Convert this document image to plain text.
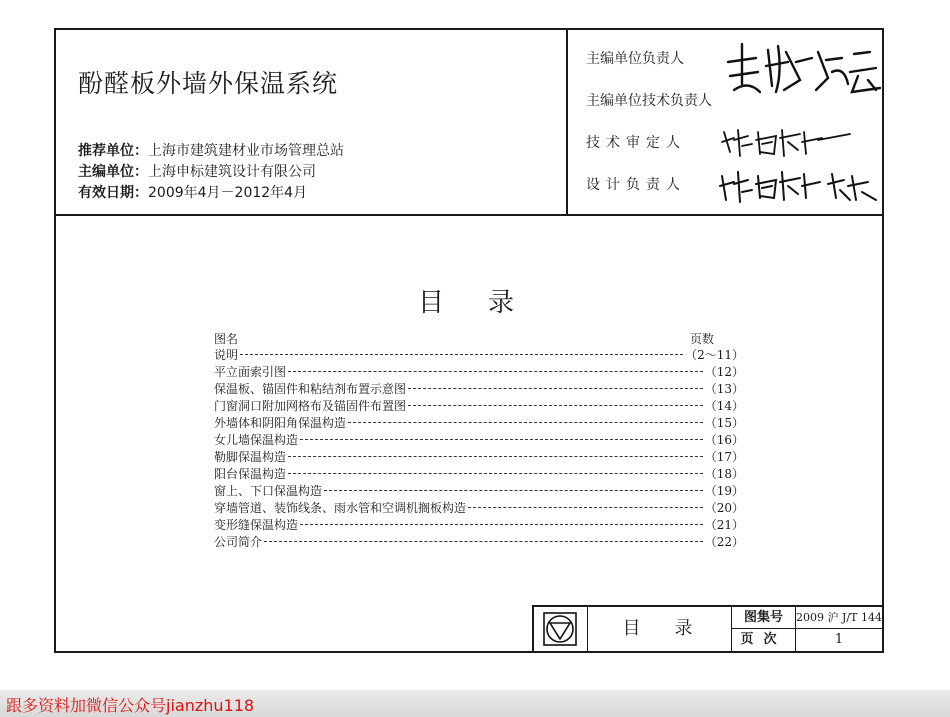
酚醛板外墙外保温系统
推荐单位：上海市建筑建材业市场管理总站
主编单位：上海申标建筑设计有限公司
有效日期：2009年4月－2012年4月
主编单位负责人
主编单位技术负责人
技术审定人
设计负责人
目录
图名	页数
说明	（2～11）
平立面索引图	（12）
保温板、锚固件和粘结剂布置示意图	（13）
门窗洞口附加网格布及锚固件布置图	（14）
外墙体和阴阳角保温构造	（15）
女儿墙保温构造	（16）
勒脚保温构造	（17）
阳台保温构造	（18）
窗上、下口保温构造	（19）
穿墙管道、装饰线条、雨水管和空调机搁板构造	（20）
变形缝保温构造	（21）
公司简介	（22）
目录
图集号	2009 沪 J/T 144
页次	1
跟多资料加微信公众号jianzhu118
